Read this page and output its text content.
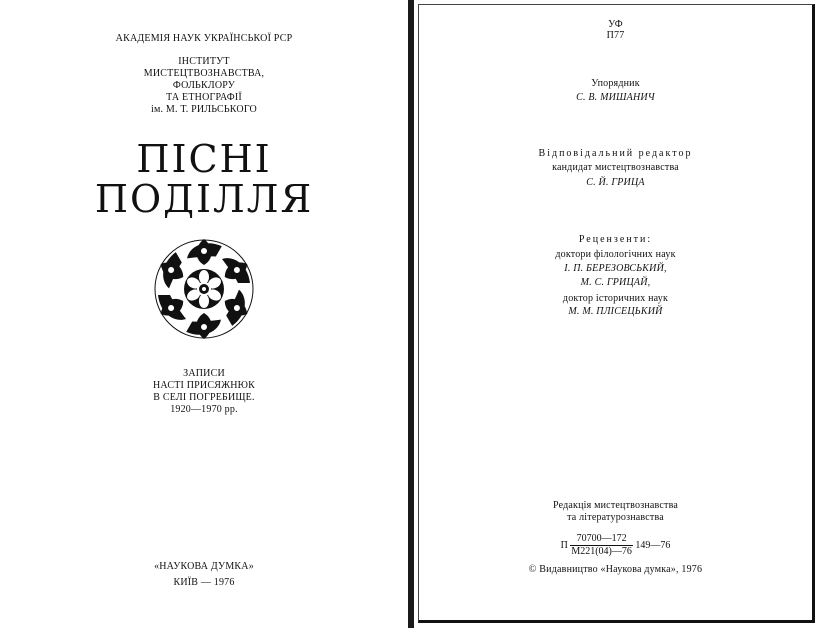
АКАДЕМІЯ НАУК УКРАЇНСЬКОЇ РСР
ІНСТИТУТ
МИСТЕЦТВОЗНАВСТВА,
ФОЛЬКЛОРУ
ТА ЕТНОГРАФІЇ
ім. М. Т. РИЛЬСЬКОГО
ПІСНІ
ПОДІЛЛЯ
ЗАПИСИ
НАСТІ ПРИСЯЖНЮК
В СЕЛІ ПОГРЕБИЩЕ.
1920—1970 рр.
«НАУКОВА ДУМКА»
КИЇВ — 1976
УФ
П77
Упорядник
С. В. МИШАНИЧ
Відповідальний редактор
кандидат мистецтвознавства
С. Й. ГРИЦА
Рецензенти:
доктори філологічних наук
І. П. БЕРЕЗОВСЬКИЙ,
М. С. ГРИЦАЙ,
доктор історичних наук
М. М. ПЛІСЕЦЬКИЙ
Редакція мистецтвознавства
та літературознавства
П $\frac{70700—172}{М221(04)—76}$ 149—76
© Видавництво «Наукова думка», 1976
